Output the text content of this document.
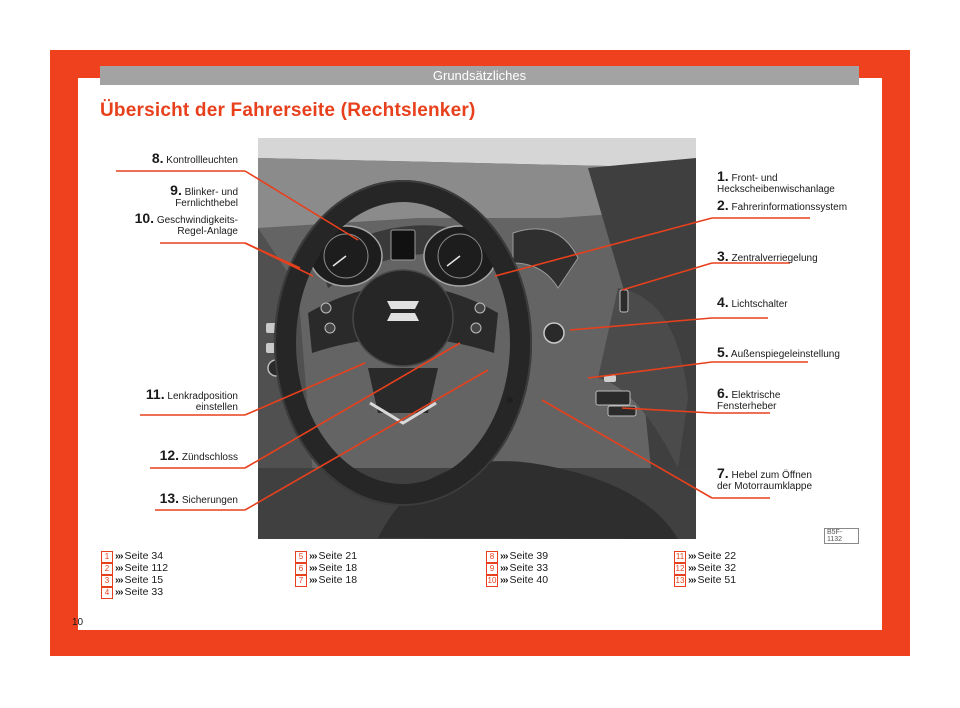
Grundsätzliches
Übersicht der Fahrerseite (Rechtslenker)
8. Kontrollleuchten
9. Blinker- und
Fernlichthebel
10. Geschwindigkeits-
Regel-Anlage
11. Lenkradposition
einstellen
12. Zündschloss
13. Sicherungen
1. Front- und
Heckscheibenwischanlage
2. Fahrerinformationssystem
3. Zentralverriegelung
4. Lichtschalter
5. Außenspiegeleinstellung
6. Elektrische
Fensterheber
7. Hebel zum Öffnen
der Motorraumklappe
B5F-1132
1 ››› Seite 34
2 ››› Seite 112
3 ››› Seite 15
4 ››› Seite 33
5 ››› Seite 21
6 ››› Seite 18
7 ››› Seite 18
8 ››› Seite 39
9 ››› Seite 33
10 ››› Seite 40
11 ››› Seite 22
12 ››› Seite 32
13 ››› Seite 51
10
